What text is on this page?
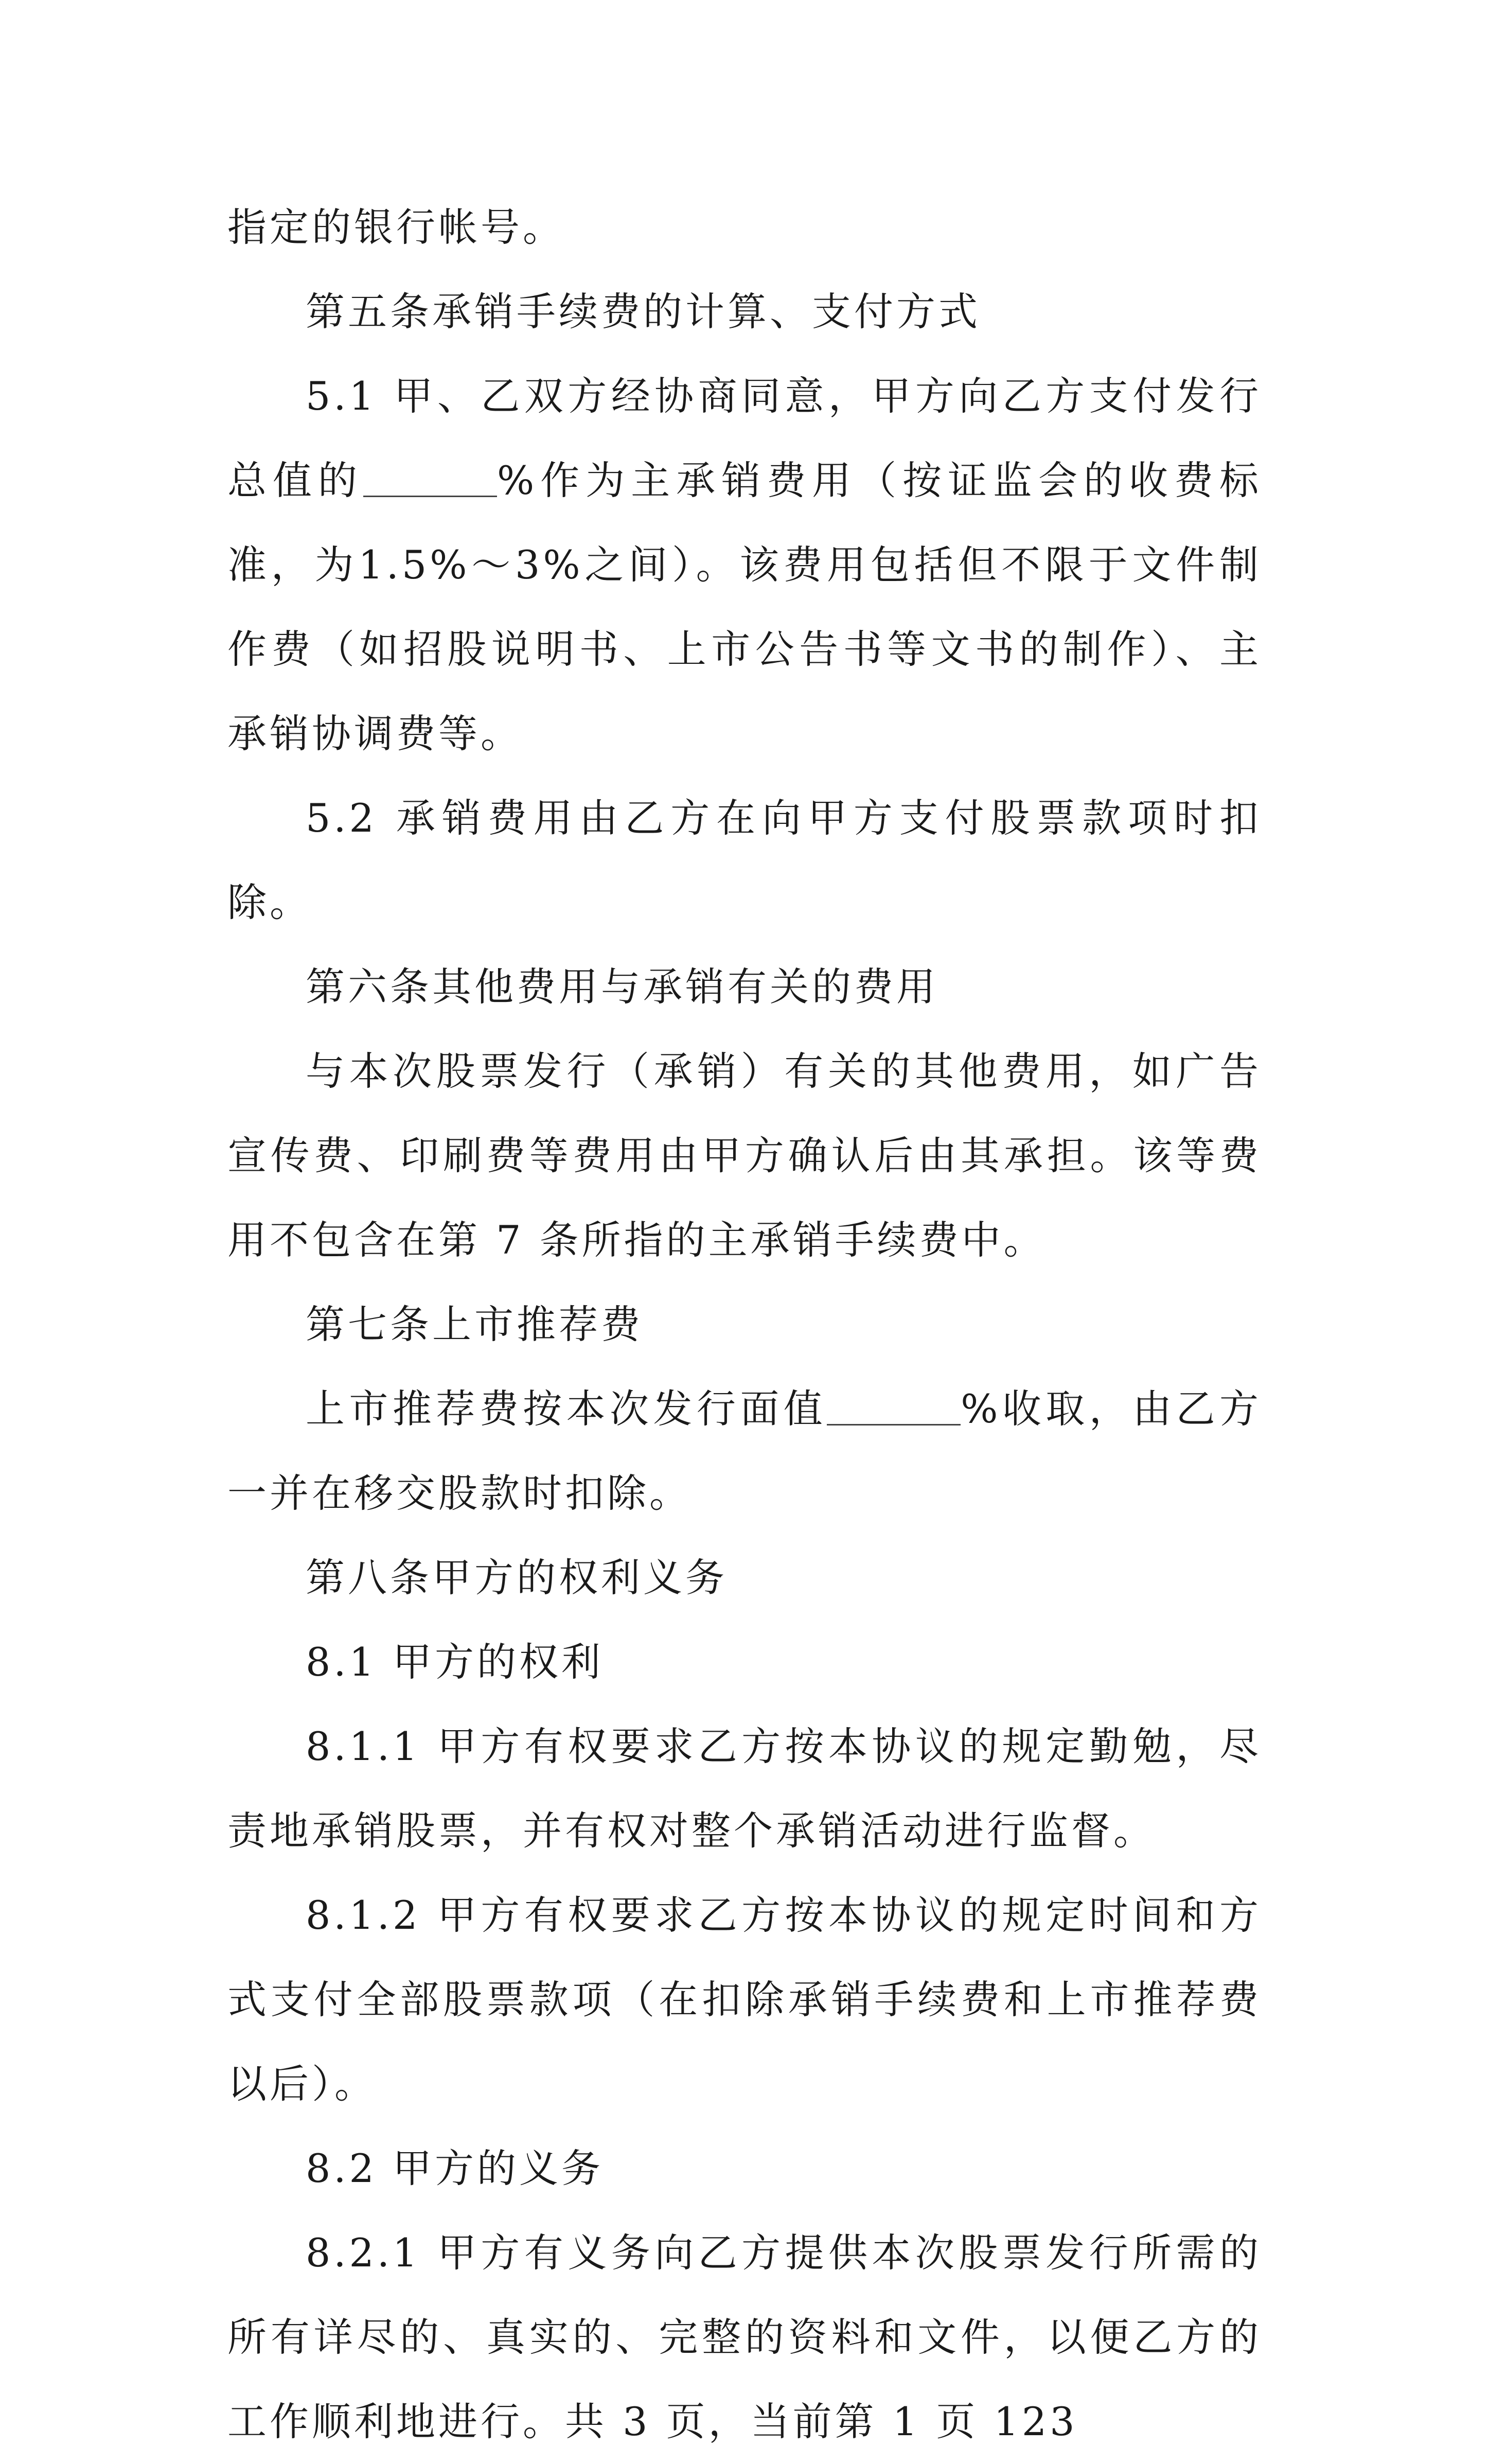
指定的银行帐号。

第五条承销手续费的计算、支付方式

5.1 甲、乙双方经协商同意，甲方向乙方支付发行总值的	%作为主承销费用（按证监会的收费标准，为1.5%～3%之间）。该费用包括但不限于文件制作费（如招股说明书、上市公告书等文书的制作）、主承销协调费等。

5.2 承销费用由乙方在向甲方支付股票款项时扣除。

第六条其他费用与承销有关的费用

与本次股票发行（承销）有关的其他费用，如广告宣传费、印刷费等费用由甲方确认后由其承担。该等费用不包含在第 7 条所指的主承销手续费中。

第七条上市推荐费

上市推荐费按本次发行面值	%收取，由乙方一并在移交股款时扣除。

第八条甲方的权利义务

8.1 甲方的权利

8.1.1 甲方有权要求乙方按本协议的规定勤勉，尽责地承销股票，并有权对整个承销活动进行监督。

8.1.2 甲方有权要求乙方按本协议的规定时间和方式支付全部股票款项（在扣除承销手续费和上市推荐费以后）。

8.2 甲方的义务

8.2.1 甲方有义务向乙方提供本次股票发行所需的所有详尽的、真实的、完整的资料和文件，以便乙方的工作顺利地进行。共 3 页，当前第 1 页 123
